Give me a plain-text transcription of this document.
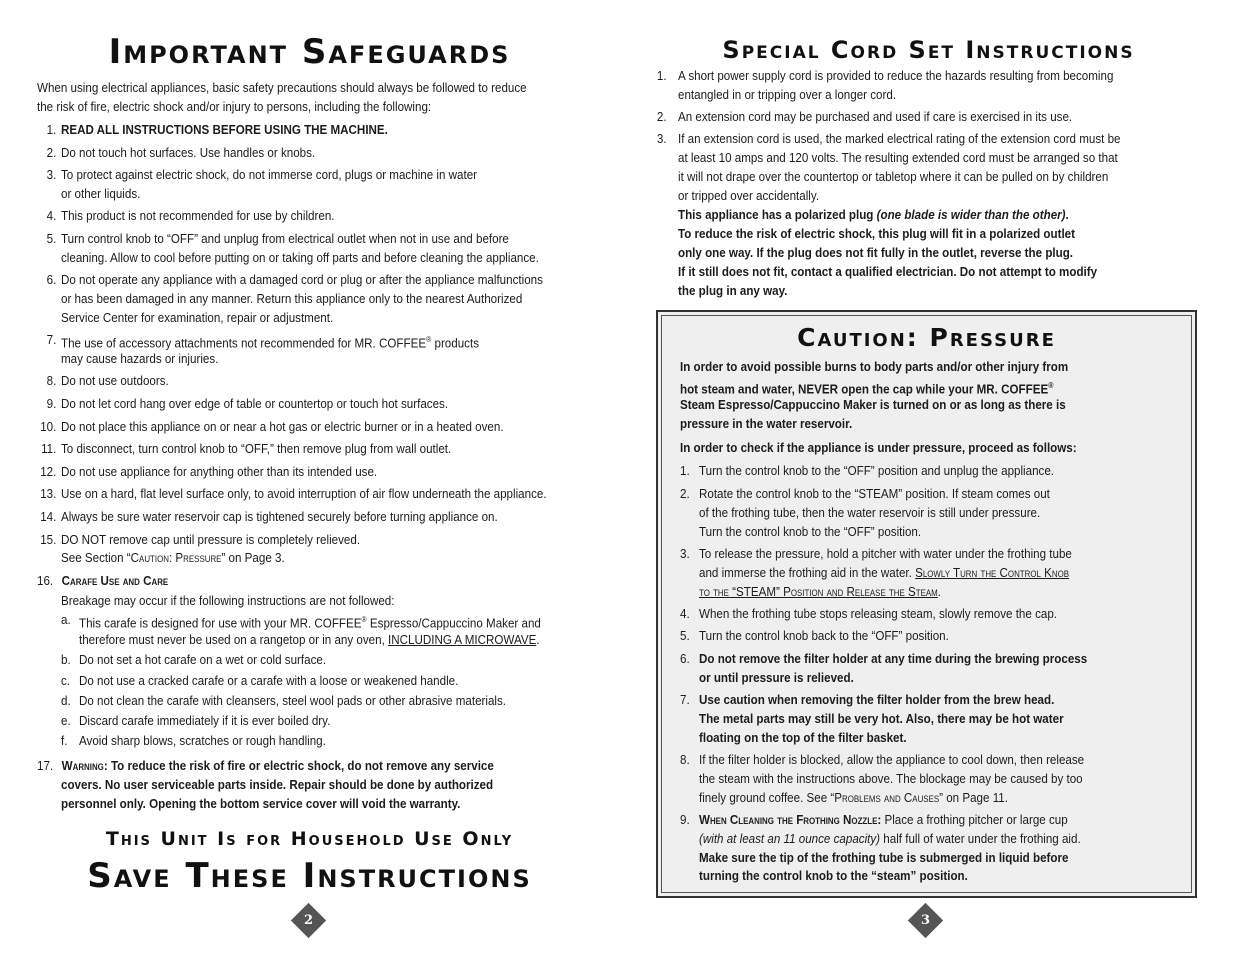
Important Safeguards
When using electrical appliances, basic safety precautions should always be followed to reduce
the risk of fire, electric shock and/or injury to persons, including the following:
1. READ ALL INSTRUCTIONS BEFORE USING THE MACHINE.
2. Do not touch hot surfaces. Use handles or knobs.
3. To protect against electric shock, do not immerse cord, plugs or machine in water
or other liquids.
4. This product is not recommended for use by children.
5. Turn control knob to “OFF” and unplug from electrical outlet when not in use and before
cleaning. Allow to cool before putting on or taking off parts and before cleaning the appliance.
6. Do not operate any appliance with a damaged cord or plug or after the appliance malfunctions
or has been damaged in any manner. Return this appliance only to the nearest Authorized
Service Center for examination, repair or adjustment.
7. The use of accessory attachments not recommended for MR. COFFEE® products
may cause hazards or injuries.
8. Do not use outdoors.
9. Do not let cord hang over edge of table or countertop or touch hot surfaces.
10. Do not place this appliance on or near a hot gas or electric burner or in a heated oven.
11. To disconnect, turn control knob to “OFF,” then remove plug from wall outlet.
12. Do not use appliance for anything other than its intended use.
13. Use on a hard, flat level surface only, to avoid interruption of air flow underneath the appliance.
14. Always be sure water reservoir cap is tightened securely before turning appliance on.
15. DO NOT remove cap until pressure is completely relieved.
See Section “Caution: Pressure” on Page 3.
16. Carafe Use and Care
Breakage may occur if the following instructions are not followed:
a. This carafe is designed for use with your MR. COFFEE® Espresso/Cappuccino Maker and
therefore must never be used on a rangetop or in any oven, INCLUDING A MICROWAVE.
b. Do not set a hot carafe on a wet or cold surface.
c. Do not use a cracked carafe or a carafe with a loose or weakened handle.
d. Do not clean the carafe with cleansers, steel wool pads or other abrasive materials.
e. Discard carafe immediately if it is ever boiled dry.
f. Avoid sharp blows, scratches or rough handling.
17. Warning: To reduce the risk of fire or electric shock, do not remove any service
covers. No user serviceable parts inside. Repair should be done by authorized
personnel only. Opening the bottom service cover will void the warranty.
This Unit Is for Household Use Only
Save These Instructions
2
Special Cord Set Instructions
1. A short power supply cord is provided to reduce the hazards resulting from becoming
entangled in or tripping over a longer cord.
2. An extension cord may be purchased and used if care is exercised in its use.
3. If an extension cord is used, the marked electrical rating of the extension cord must be
at least 10 amps and 120 volts. The resulting extended cord must be arranged so that
it will not drape over the countertop or tabletop where it can be pulled on by children
or tripped over accidentally.
This appliance has a polarized plug (one blade is wider than the other).
To reduce the risk of electric shock, this plug will fit in a polarized outlet
only one way. If the plug does not fit fully in the outlet, reverse the plug.
If it still does not fit, contact a qualified electrician. Do not attempt to modify
the plug in any way.
Caution: Pressure
In order to avoid possible burns to body parts and/or other injury from
hot steam and water, NEVER open the cap while your MR. COFFEE®
Steam Espresso/Cappuccino Maker is turned on or as long as there is
pressure in the water reservoir.
In order to check if the appliance is under pressure, proceed as follows:
1. Turn the control knob to the “OFF” position and unplug the appliance.
2. Rotate the control knob to the “STEAM” position. If steam comes out
of the frothing tube, then the water reservoir is still under pressure.
Turn the control knob to the “OFF” position.
3. To release the pressure, hold a pitcher with water under the frothing tube
and immerse the frothing aid in the water. Slowly Turn the Control Knob
to the “STEAM” Position and Release the Steam.
4. When the frothing tube stops releasing steam, slowly remove the cap.
5. Turn the control knob back to the “OFF” position.
6. Do not remove the filter holder at any time during the brewing process
or until pressure is relieved.
7. Use caution when removing the filter holder from the brew head.
The metal parts may still be very hot. Also, there may be hot water
floating on the top of the filter basket.
8. If the filter holder is blocked, allow the appliance to cool down, then release
the steam with the instructions above. The blockage may be caused by too
finely ground coffee. See “Problems and Causes” on Page 11.
9. When Cleaning the Frothing Nozzle: Place a frothing pitcher or large cup
(with at least an 11 ounce capacity) half full of water under the frothing aid.
Make sure the tip of the frothing tube is submerged in liquid before
turning the control knob to the “steam” position.
3
